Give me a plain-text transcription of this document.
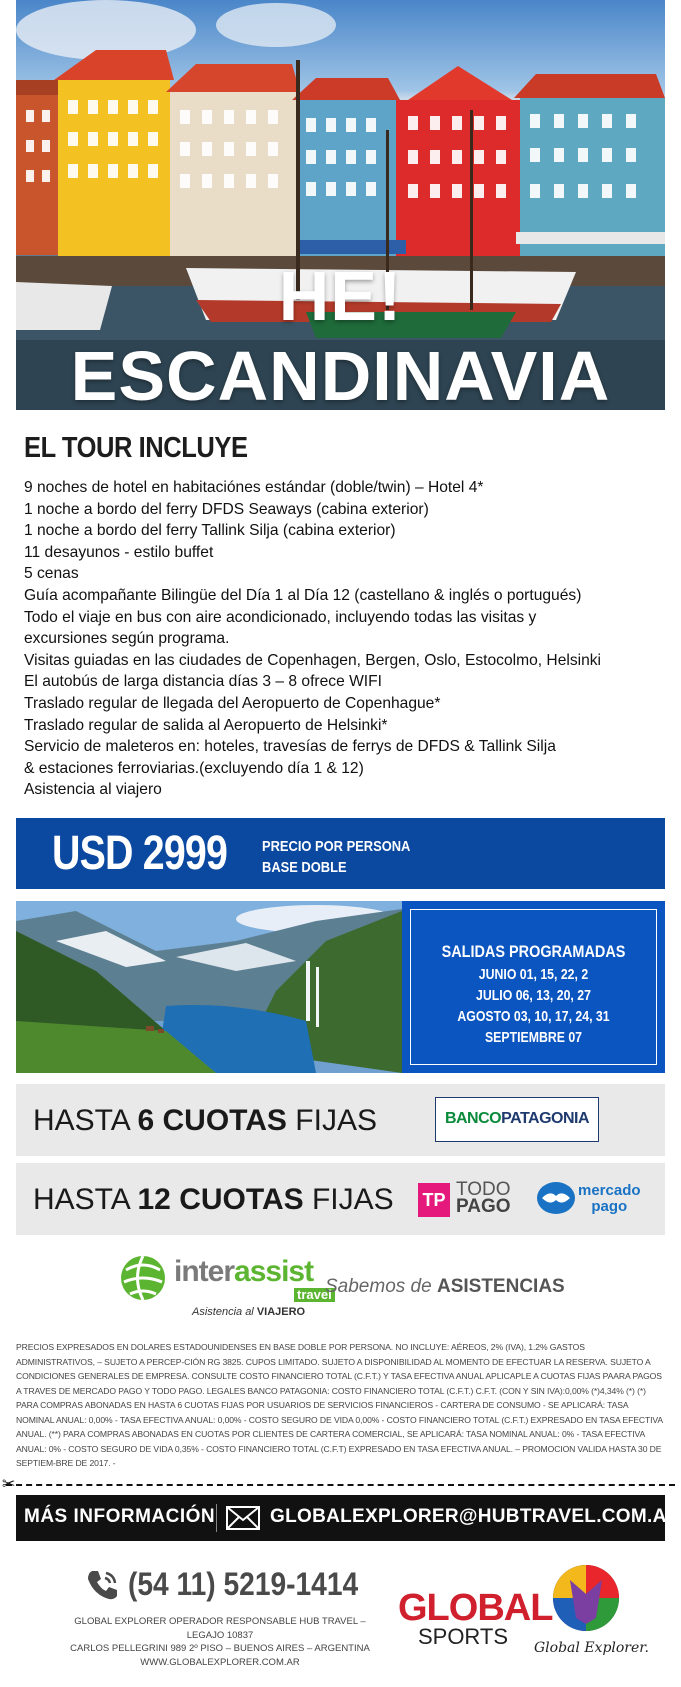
HE! ESCANDINAVIA
EL TOUR INCLUYE
9 noches de hotel en habitaciónes estándar (doble/twin) – Hotel 4*
1 noche a bordo del ferry DFDS Seaways (cabina exterior)
1 noche a bordo del ferry Tallink Silja (cabina exterior)
11 desayunos - estilo buffet
5 cenas
Guía acompañante Bilingüe del Día 1 al Día 12 (castellano & inglés o portugués)
Todo el viaje en bus con aire acondicionado, incluyendo todas las visitas y
excursiones según programa.
Visitas guiadas en las ciudades de Copenhagen, Bergen, Oslo, Estocolmo, Helsinki
El autobús de larga distancia días 3 – 8 ofrece WIFI
Traslado regular de llegada del Aeropuerto de Copenhague*
Traslado regular de salida al Aeropuerto de Helsinki*
Servicio de maleteros en: hoteles, travesías de ferrys de DFDS & Tallink Silja
& estaciones ferroviarias.(excluyendo día 1 & 12)
Asistencia al viajero
USD 2999 PRECIO POR PERSONA
BASE DOBLE
SALIDAS PROGRAMADAS
JUNIO 01, 15, 22, 2
JULIO 06, 13, 20, 27
AGOSTO 03, 10, 17, 24, 31
SEPTIEMBRE 07
HASTA 6 CUOTAS FIJAS	BANCOPATAGONIA
HASTA 12 CUOTAS FIJAS TP TODO
PAGO
mercado
pago
interassist
travel
Asistencia al VIAJERO
Sabemos de ASISTENCIAS
PRECIOS EXPRESADOS EN DOLARES ESTADOUNIDENSES EN BASE DOBLE POR PERSONA. NO INCLUYE: AÉREOS, 2% (IVA), 1.2% GASTOS ADMINISTRATIVOS, – SUJETO A PERCEP-CIÓN RG 3825. CUPOS LIMITADO. SUJETO A DISPONIBILIDAD AL MOMENTO DE EFECTUAR LA RESERVA. SUJETO A CONDICIONES GENERALES DE EMPRESA. CONSULTE COSTO FINANCIERO TOTAL (C.F.T.) Y TASA EFECTIVA ANUAL APLICAPLE A CUOTAS FIJAS PAARA PAGOS A TRAVES DE MERCADO PAGO Y TODO PAGO. LEGALES BANCO PATAGONIA: COSTO FINANCIERO TOTAL (C.F.T.) C.F.T. (CON Y SIN IVA):0,00% (*)4,34% (*) (*) PARA COMPRAS ABONADAS EN HASTA 6 CUOTAS FIJAS POR USUARIOS DE SERVICIOS FINANCIEROS - CARTERA DE CONSUMO - SE APLICARÁ: TASA NOMINAL ANUAL: 0,00% - TASA EFECTIVA ANUAL: 0,00% - COSTO SEGURO DE VIDA 0,00% - COSTO FINANCIERO TOTAL (C.F.T.) EXPRESADO EN TASA EFECTIVA ANUAL. (**) PARA COMPRAS ABONADAS EN CUOTAS POR CLIENTES DE CARTERA COMERCIAL, SE APLICARÁ: TASA NOMINAL ANUAL: 0% - TASA EFECTIVA ANUAL: 0% - COSTO SEGURO DE VIDA 0,35% - COSTO FINANCIERO TOTAL (C.F.T) EXPRESADO EN TASA EFECTIVA ANUAL. – PROMOCION VALIDA HASTA 30 DE SEPTIEM-BRE DE 2017. -
✂
MÁS INFORMACIÓN	GLOBALEXPLORER@HUBTRAVEL.COM.AR
(54 11) 5219-1414
GLOBAL EXPLORER OPERADOR RESPONSABLE HUB TRAVEL – LEGAJO 10837
CARLOS PELLEGRINI 989 2º PISO – BUENOS AIRES – ARGENTINA
WWW.GLOBALEXPLORER.COM.AR
GLOBAL
SPORTS	Global Explorer.
